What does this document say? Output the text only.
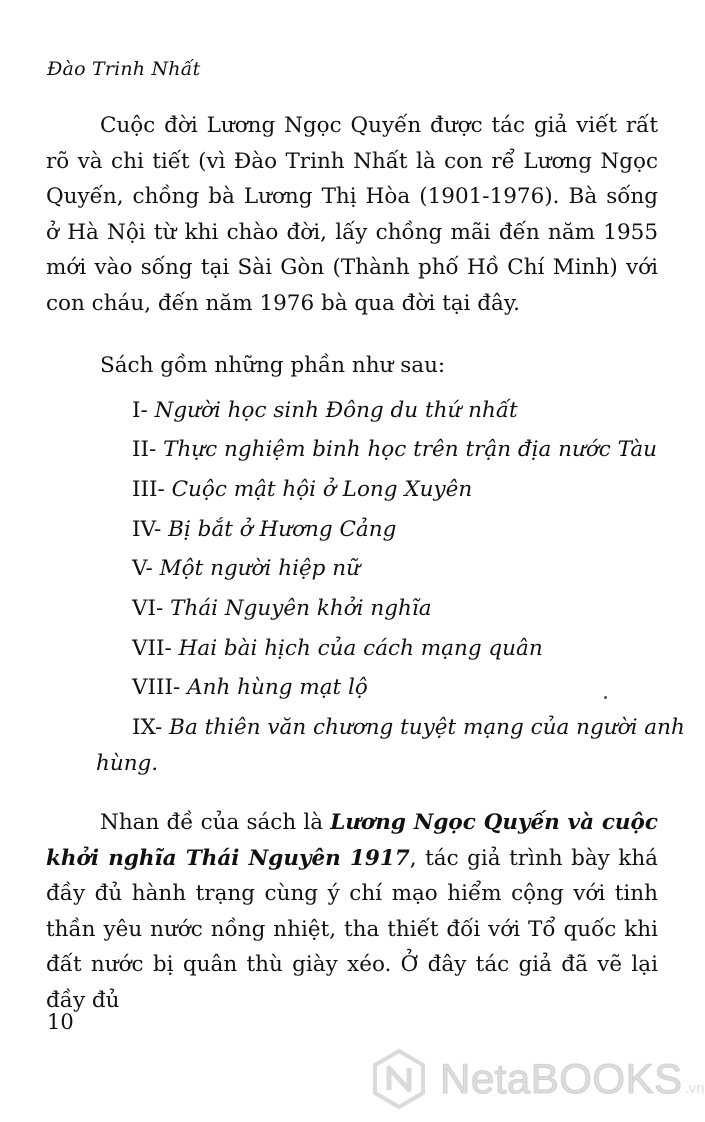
Đào Trinh Nhất

Cuộc đời Lương Ngọc Quyến được tác giả viết rất rõ và chi tiết (vì Đào Trinh Nhất là con rể Lương Ngọc Quyến, chồng bà Lương Thị Hòa (1901-1976). Bà sống ở Hà Nội từ khi chào đời, lấy chồng mãi đến năm 1955 mới vào sống tại Sài Gòn (Thành phố Hồ Chí Minh) với con cháu, đến năm 1976 bà qua đời tại đây.

Sách gồm những phần như sau:

I- Người học sinh Đông du thứ nhất
II- Thực nghiệm binh học trên trận địa nước Tàu
III- Cuộc mật hội ở Long Xuyên
IV- Bị bắt ở Hương Cảng
V- Một người hiệp nữ
VI- Thái Nguyên khởi nghĩa
VII- Hai bài hịch của cách mạng quân
VIII- Anh hùng mạt lộ
IX- Ba thiên văn chương tuyệt mạng của người anh
hùng.

Nhan đề của sách là Lương Ngọc Quyến và cuộc khởi nghĩa Thái Nguyên 1917, tác giả trình bày khá đầy đủ hành trạng cùng ý chí mạo hiểm cộng với tinh thần yêu nước nồng nhiệt, tha thiết đối với Tổ quốc khi đất nước bị quân thù giày xéo. Ở đây tác giả đã vẽ lại đầy đủ

10
NetaBOOKS .vn
